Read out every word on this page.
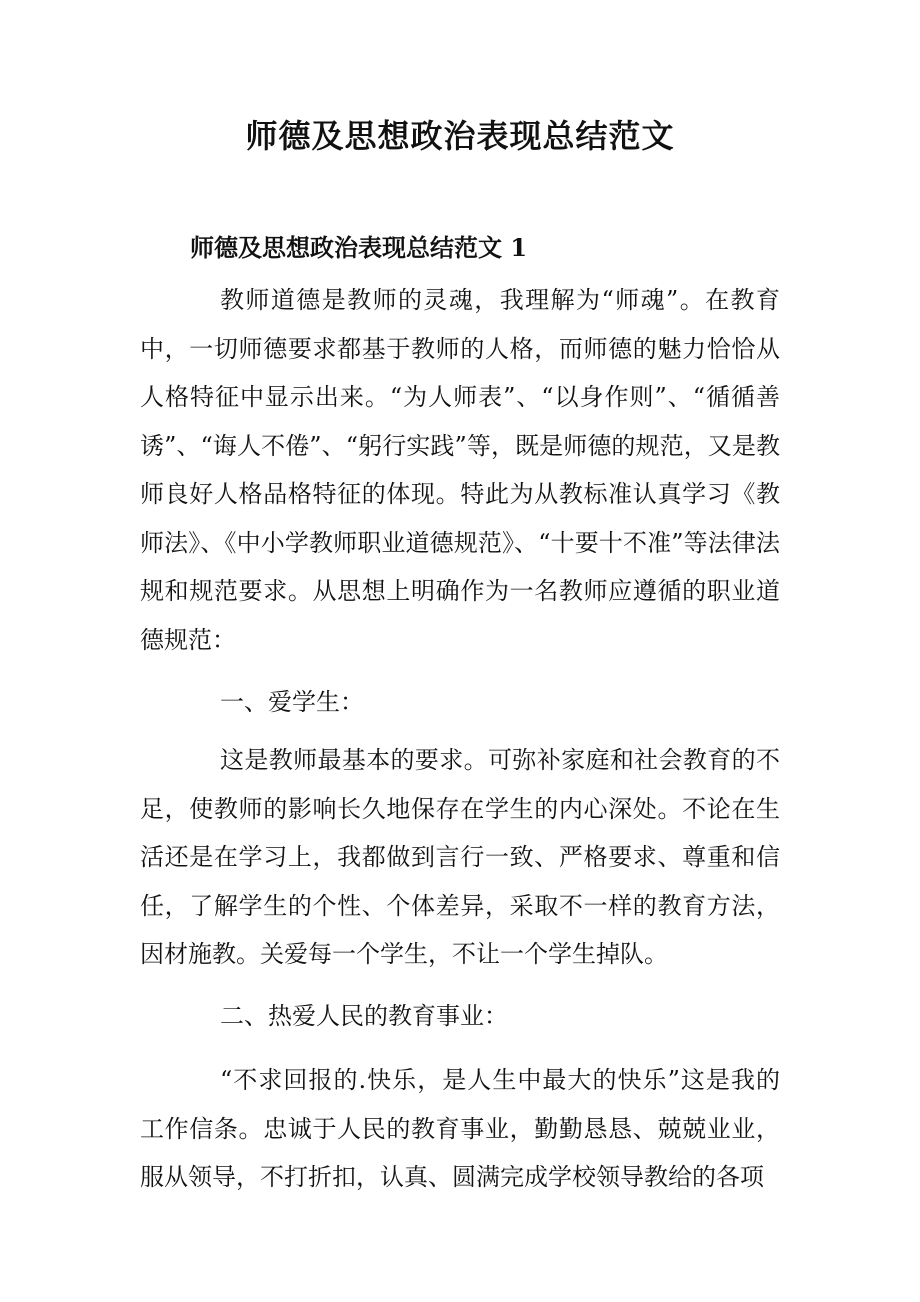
师德及思想政治表现总结范文
师德及思想政治表现总结范文 1

教师道德是教师的灵魂，我理解为“师魂”。在教育中，一切师德要求都基于教师的人格，而师德的魅力恰恰从人格特征中显示出来。“为人师表”、“以身作则”、“循循善诱”、“诲人不倦”、“躬行实践”等，既是师德的规范，又是教师良好人格品格特征的体现。特此为从教标准认真学习《教师法》、《中小学教师职业道德规范》、“十要十不准”等法律法规和规范要求。从思想上明确作为一名教师应遵循的职业道德规范：

一、爱学生：

这是教师最基本的要求。可弥补家庭和社会教育的不足，使教师的影响长久地保存在学生的内心深处。不论在生活还是在学习上，我都做到言行一致、严格要求、尊重和信任，了解学生的个性、个体差异，采取不一样的教育方法，因材施教。关爱每一个学生，不让一个学生掉队。

二、热爱人民的教育事业：

“不求回报的.快乐，是人生中最大的快乐”这是我的工作信条。忠诚于人民的教育事业，勤勤恳恳、兢兢业业，服从领导，不打折扣，认真、圆满完成学校领导教给的各项
